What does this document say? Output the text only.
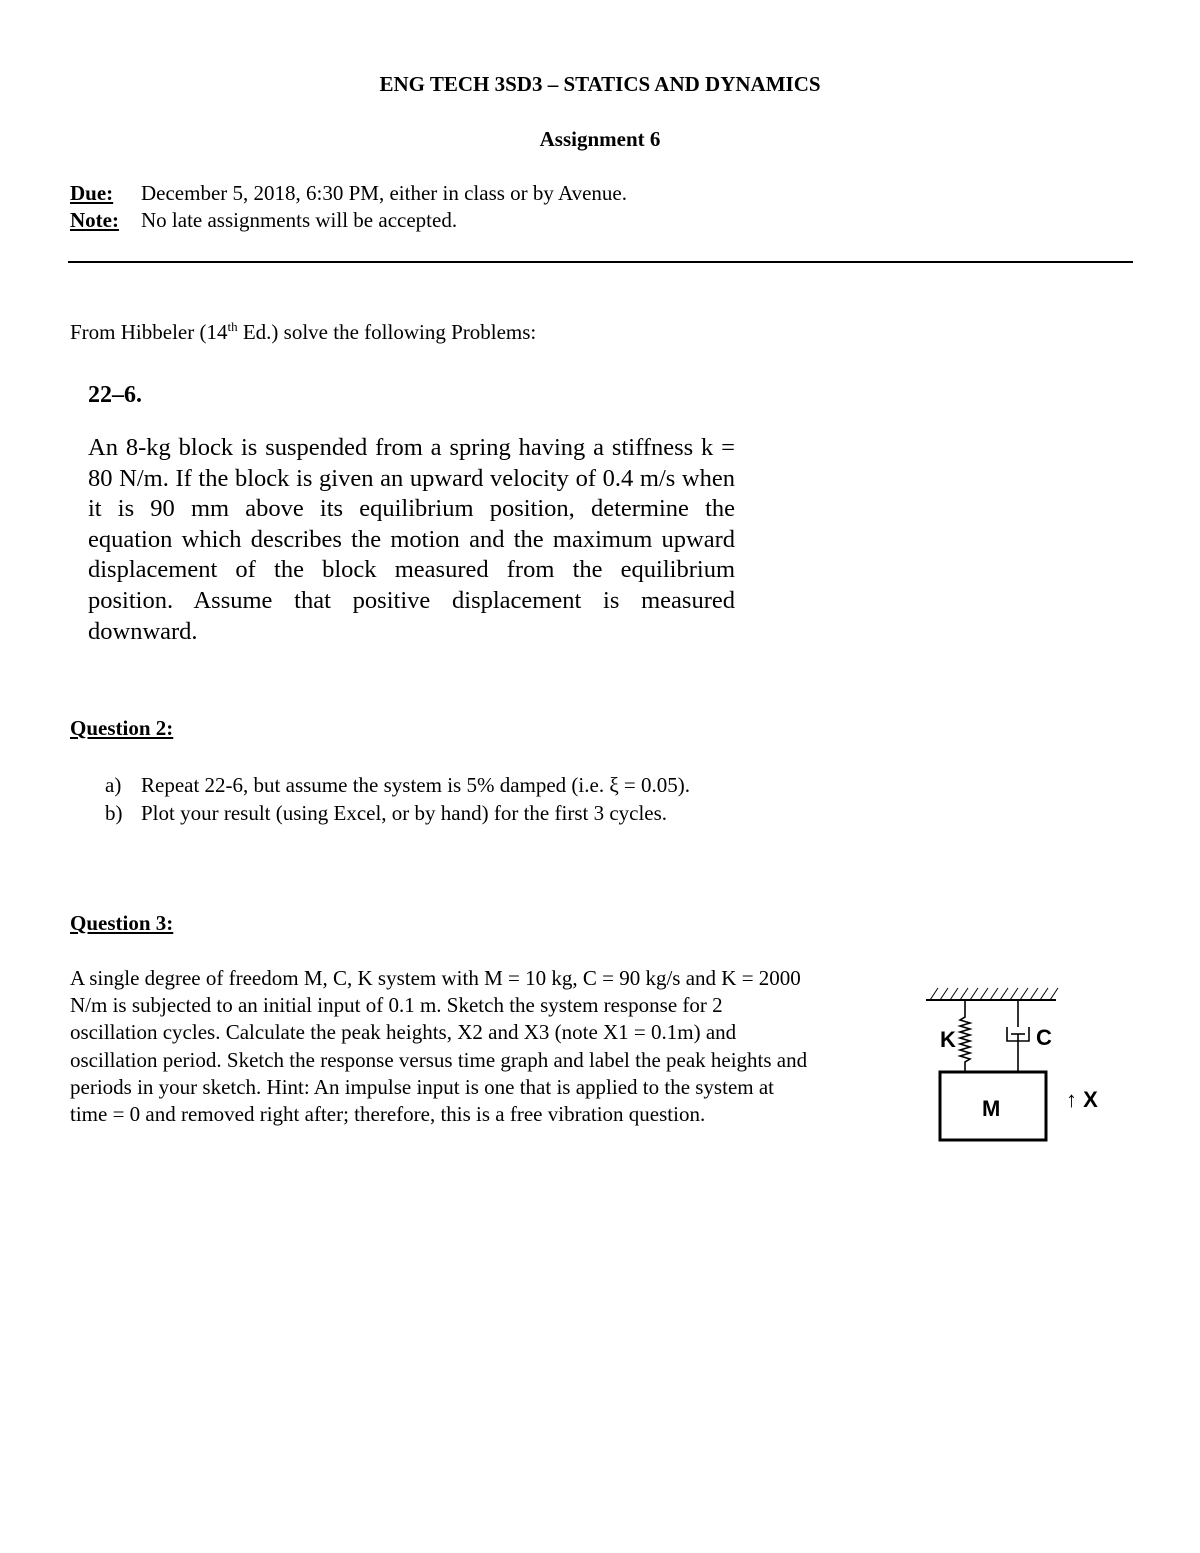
ENG TECH 3SD3 – STATICS AND DYNAMICS
Assignment 6
Due: December 5, 2018, 6:30 PM, either in class or by Avenue.
Note: No late assignments will be accepted.
From Hibbeler (14th Ed.) solve the following Problems:
22–6.
An 8-kg block is suspended from a spring having a stiffness k = 80 N/m. If the block is given an upward velocity of 0.4 m/s when it is 90 mm above its equilibrium position, determine the equation which describes the motion and the maximum upward displacement of the block measured from the equilibrium position. Assume that positive displacement is measured downward.
Question 2:
a) Repeat 22-6, but assume the system is 5% damped (i.e. ξ = 0.05).
b) Plot your result (using Excel, or by hand) for the first 3 cycles.
Question 3:
A single degree of freedom M, C, K system with M = 10 kg, C = 90 kg/s and K = 2000
N/m is subjected to an initial input of 0.1 m. Sketch the system response for 2
oscillation cycles. Calculate the peak heights, X2 and X3 (note X1 = 0.1m) and
oscillation period. Sketch the response versus time graph and label the peak heights and
periods in your sketch. Hint: An impulse input is one that is applied to the system at
time = 0 and removed right after; therefore, this is a free vibration question.
K	C
M	↑ X
